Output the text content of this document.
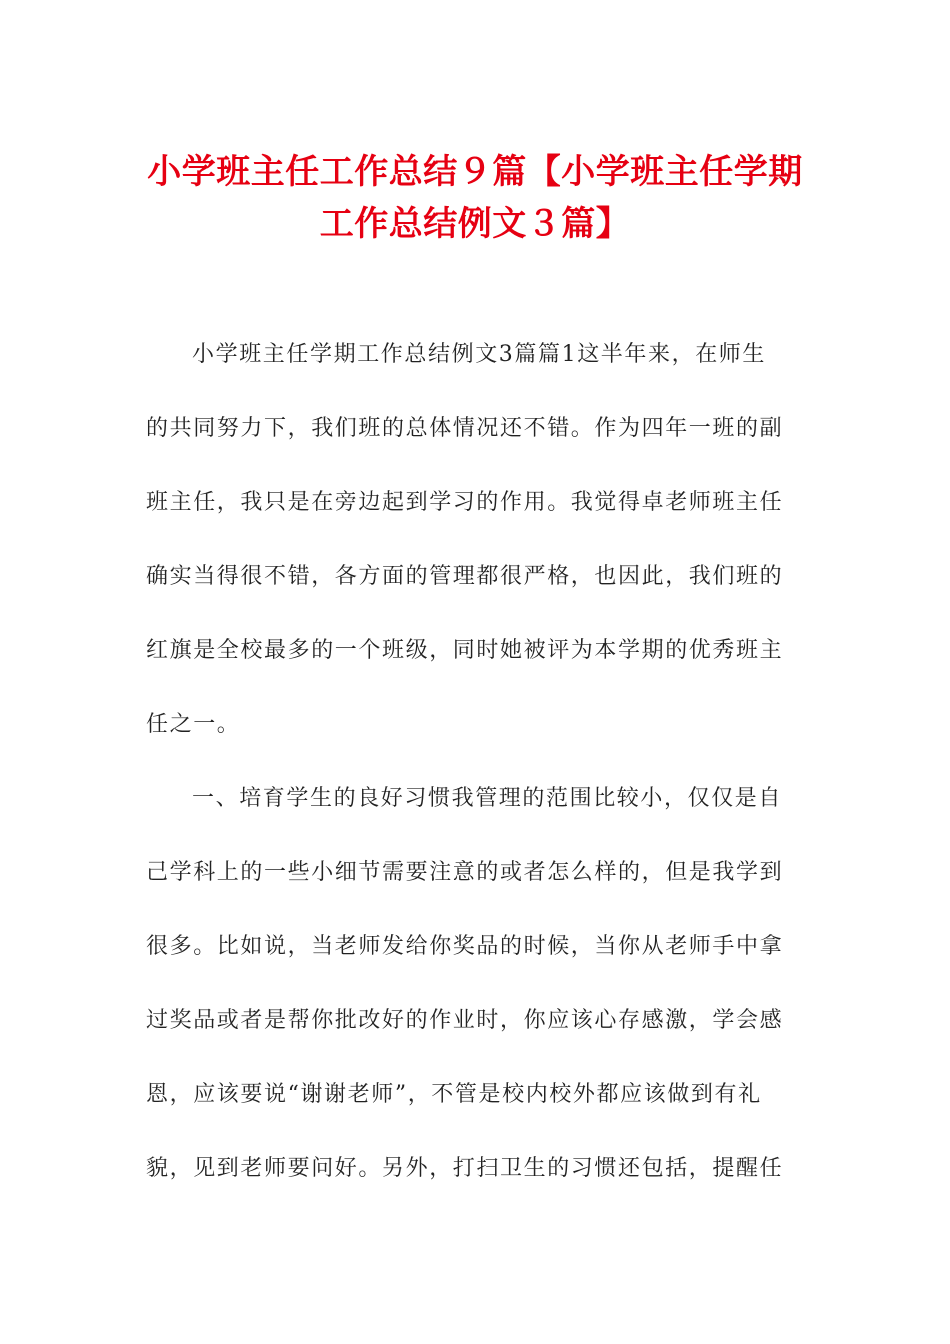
小学班主任工作总结９篇【小学班主任学期
工作总结例文３篇】

小学班主任学期工作总结例文3篇篇1这半年来，在师生
的共同努力下，我们班的总体情况还不错。作为四年一班的副
班主任，我只是在旁边起到学习的作用。我觉得卓老师班主任
确实当得很不错，各方面的管理都很严格，也因此，我们班的
红旗是全校最多的一个班级，同时她被评为本学期的优秀班主
任之一。

一、培育学生的良好习惯我管理的范围比较小，仅仅是自
己学科上的一些小细节需要注意的或者怎么样的，但是我学到
很多。比如说，当老师发给你奖品的时候，当你从老师手中拿
过奖品或者是帮你批改好的作业时，你应该心存感激，学会感
恩，应该要说“谢谢老师”，不管是校内校外都应该做到有礼
貌，见到老师要问好。另外，打扫卫生的习惯还包括，提醒任
